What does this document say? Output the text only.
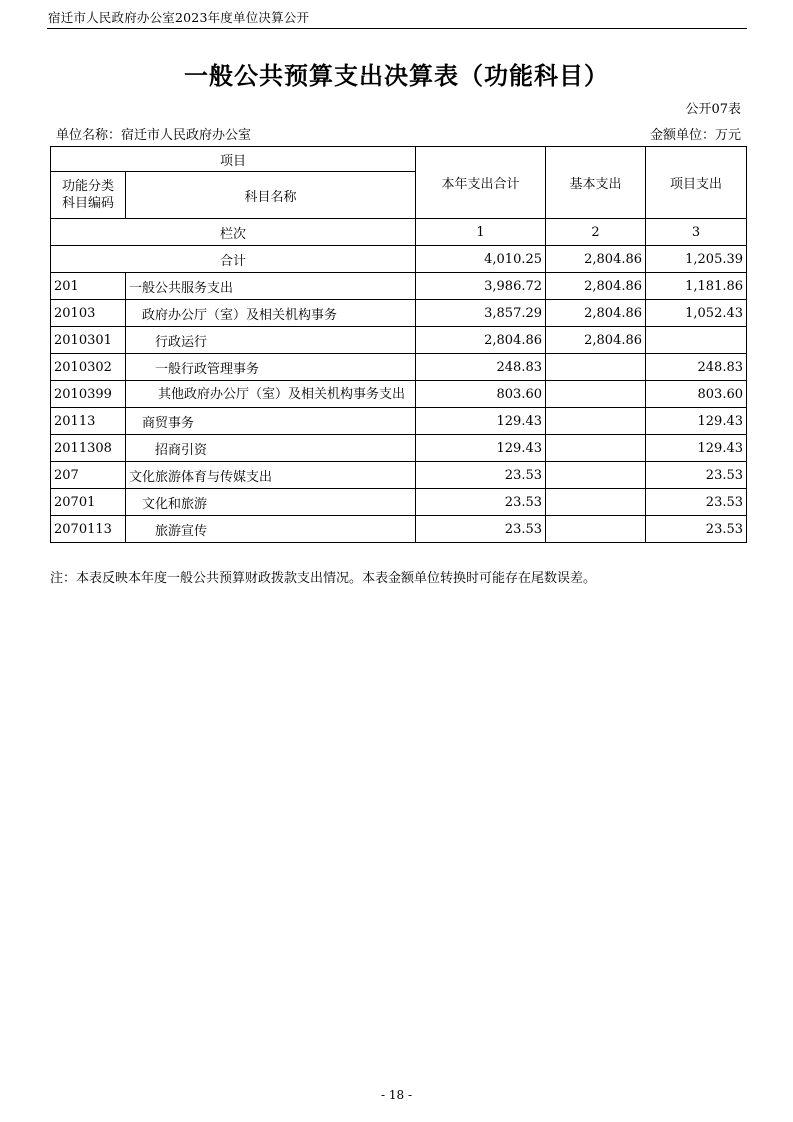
宿迁市人民政府办公室2023年度单位决算公开
一般公共预算支出决算表（功能科目）
公开07表
单位名称：宿迁市人民政府办公室	金额单位：万元
项目		本年支出合计	基本支出	项目支出
功能分类
科目编码	科目名称			
栏次		1	2	3
合计		4,010.25	2,804.86	1,205.39
201	一般公共服务支出	3,986.72	2,804.86	1,181.86
20103	政府办公厅（室）及相关机构事务	3,857.29	2,804.86	1,052.43
2010301	行政运行	2,804.86	2,804.86	
2010302	一般行政管理事务	248.83		248.83
2010399	其他政府办公厅（室）及相关机构事务支出	803.60		803.60
20113	商贸事务	129.43		129.43
2011308	招商引资	129.43		129.43
207	文化旅游体育与传媒支出	23.53		23.53
20701	文化和旅游	23.53		23.53
2070113	旅游宣传	23.53		23.53
注：本表反映本年度一般公共预算财政拨款支出情况。本表金额单位转换时可能存在尾数误差。
- 18 -
